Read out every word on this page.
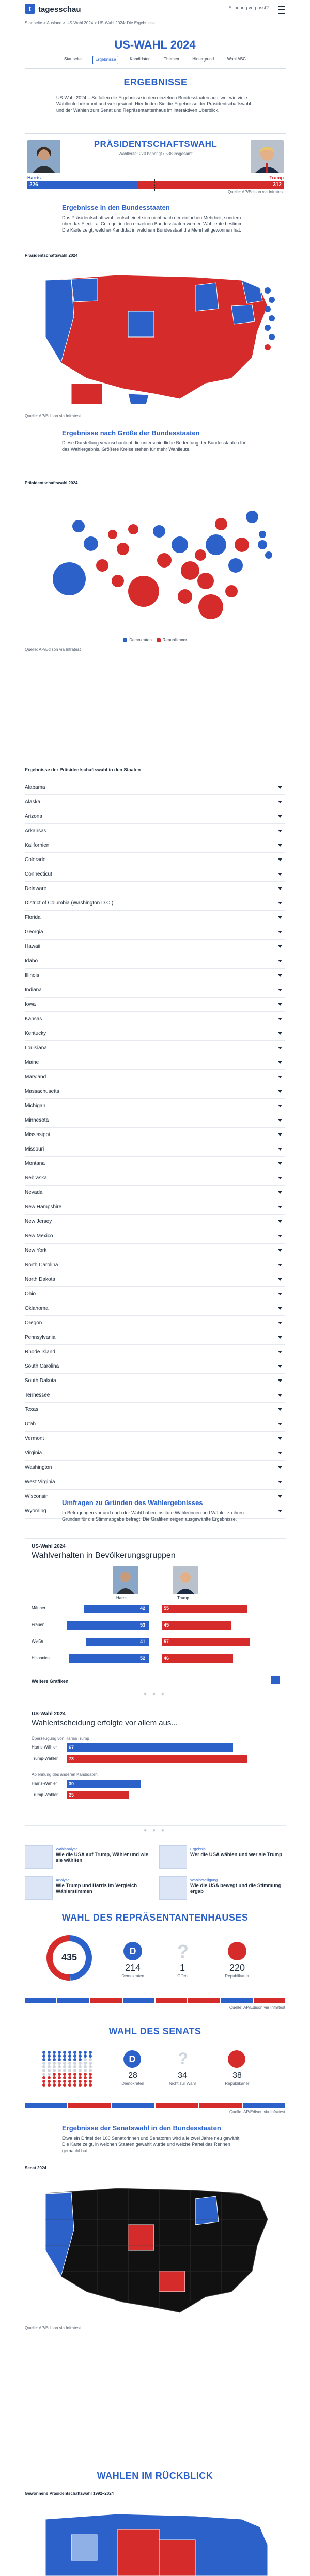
t tagesschau	Sendung verpasst?
Startseite > Ausland > US-Wahl 2024 > US-Wahl 2024: Die Ergebnisse
US-WAHL 2024
Startseite	Ergebnisse	Kandidaten	Themen	Hintergrund	Wahl ABC
ERGEBNISSE
US-Wahl 2024 – So fallen die Ergebnisse in den einzelnen Bundesstaaten aus, wer wie viele Wahlleute bekommt und wer gewinnt. Hier finden Sie die Ergebnisse der Präsidentschaftswahl und der Wahlen zum Senat und Repräsentantenhaus im interaktiven Überblick.
PRÄSIDENTSCHAFTSWAHL
Wahlleute: 270 benötigt • 538 insgesamt
Harris	Trump
226	312
Quelle: AP/Edison via Infratest
Ergebnisse in den Bundesstaaten
Das Präsidentschaftswahl entscheidet sich nicht nach der einfachen Mehrheit, sondern über das Electoral College: in den einzelnen Bundesstaaten werden Wahlleute bestimmt. Die Karte zeigt, welcher Kandidat in welchem Bundesstaat die Mehrheit gewonnen hat.
Präsidentschaftswahl 2024
Quelle: AP/Edison via Infratest
Ergebnisse nach Größe der Bundesstaaten
Diese Darstellung veranschaulicht die unterschiedliche Bedeutung der Bundesstaaten für das Wahlergebnis. Größere Kreise stehen für mehr Wahlleute.
Präsidentschaftswahl 2024
Demokraten	Republikaner
Quelle: AP/Edison via Infratest
Ergebnisse der Präsidentschaftswahl in den Staaten
Alabama
Alaska
Arizona
Arkansas
Kalifornien
Colorado
Connecticut
Delaware
District of Columbia (Washington D.C.)
Florida
Georgia
Hawaii
Idaho
Illinois
Indiana
Iowa
Kansas
Kentucky
Louisiana
Maine
Maryland
Massachusetts
Michigan
Minnesota
Mississippi
Missouri
Montana
Nebraska
Nevada
New Hampshire
New Jersey
New Mexico
New York
North Carolina
North Dakota
Ohio
Oklahoma
Oregon
Pennsylvania
Rhode Island
South Carolina
South Dakota
Tennessee
Texas
Utah
Vermont
Virginia
Washington
West Virginia
Wisconsin
Wyoming
Umfragen zu Gründen des Wahlergebnisses
In Befragungen vor und nach der Wahl haben Institute Wählerinnen und Wähler zu ihren Gründen für die Stimmabgabe befragt. Die Grafiken zeigen ausgewählte Ergebnisse.
US-Wahl 2024
Wahlverhalten in Bevölkerungsgruppen
Harris	Trump
Weitere Grafiken
Männer	42	55
Frauen	53	45
Weiße	41	57
Hispanics	52	46
● ● ●
US-Wahl 2024
Wahlentscheidung erfolgte vor allem aus...
Überzeugung von Harris/Trump
Ablehnung des anderen Kandidaten
Harris-Wähler	67
Trump-Wähler 73
Harris-Wähler	30
Trump-Wähler 25
● ● ●
Wahlanalyse
Wie die USA auf Trump, Wähler und wie sie wählten
Ergebnis
Wer die USA wählen und wer sie Trump
Analyse
Wie Trump und Harris im Vergleich Wählerstimmen
Wahlbeteiligung
Wie die USA bewegt und die Stimmung ergab
WAHL DES REPRÄSENTANTENHAUSES
435
D
214
Demokraten
?
1
Offen
220
Republikaner
Quelle: AP/Edison via Infratest
WAHL DES SENATS
D
28
Demokraten
?
34
Nicht zur Wahl
38
Republikaner
Quelle: AP/Edison via Infratest
Ergebnisse der Senatswahl in den Bundesstaaten
Etwa ein Drittel der 100 Senatorinnen und Senatoren wird alle zwei Jahre neu gewählt. Die Karte zeigt, in welchen Staaten gewählt wurde und welche Partei das Rennen gemacht hat.
Senat 2024
Quelle: AP/Edison via Infratest
WAHLEN IM RÜCKBLICK
Gewonnene Präsidentschaftswahl 1992–2024
